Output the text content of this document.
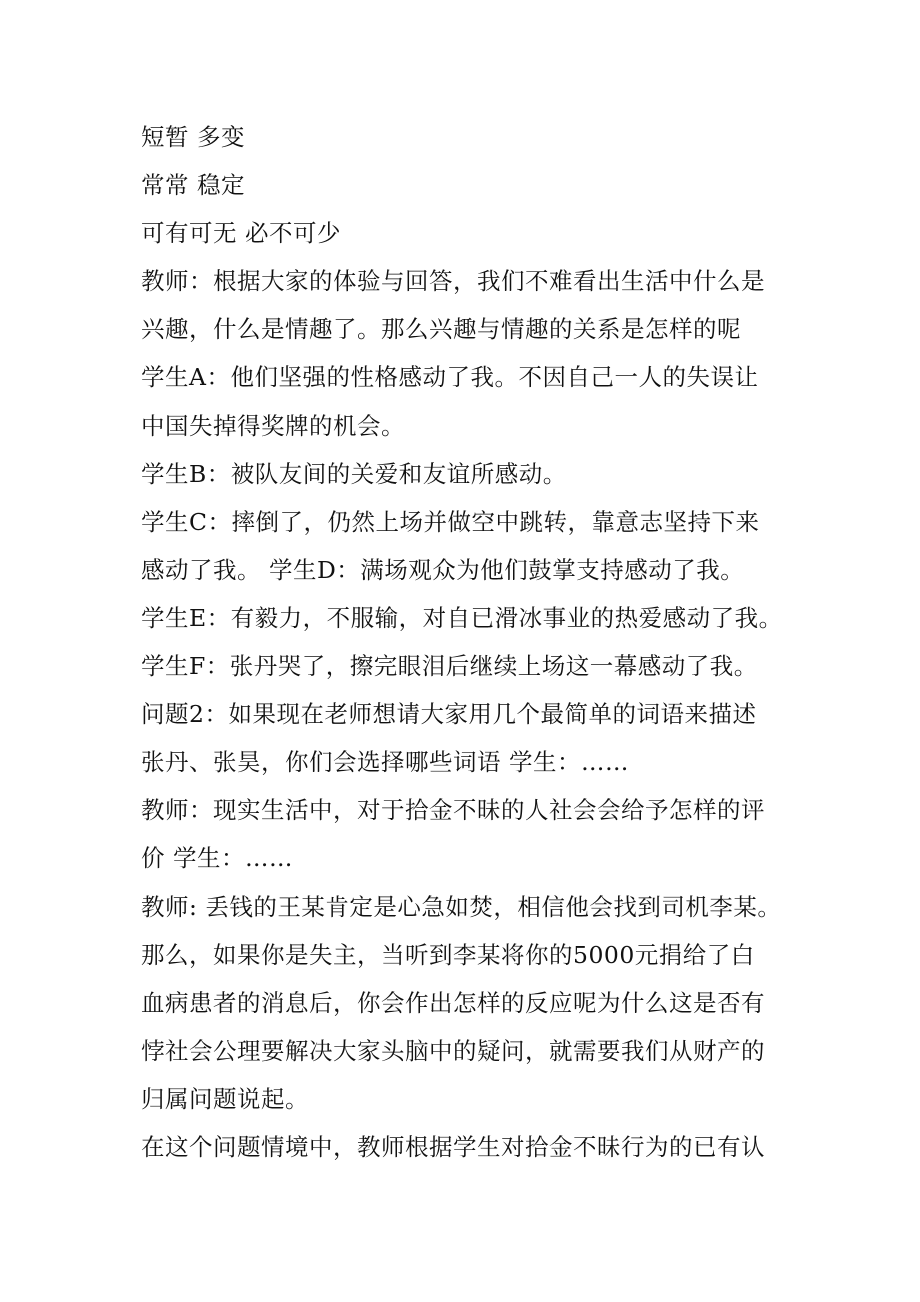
短暂 多变
常常 稳定
可有可无 必不可少
教师：根据大家的体验与回答，我们不难看出生活中什么是
兴趣，什么是情趣了。那么兴趣与情趣的关系是怎样的呢
学生A：他们坚强的性格感动了我。不因自己一人的失误让
中国失掉得奖牌的机会。
学生B：被队友间的关爱和友谊所感动。
学生C：摔倒了，仍然上场并做空中跳转，靠意志坚持下来
感动了我。 学生D：满场观众为他们鼓掌支持感动了我。
学生E：有毅力，不服输，对自已滑冰事业的热爱感动了我。
学生F：张丹哭了，擦完眼泪后继续上场这一幕感动了我。
问题2：如果现在老师想请大家用几个最简单的词语来描述
张丹、张昊，你们会选择哪些词语 学生：……
教师：现实生活中，对于拾金不昧的人社会会给予怎样的评
价 学生：……
教师: 丢钱的王某肯定是心急如焚，相信他会找到司机李某。
那么，如果你是失主，当听到李某将你的5000元捐给了白
血病患者的消息后，你会作出怎样的反应呢为什么这是否有
悖社会公理要解决大家头脑中的疑问，就需要我们从财产的
归属问题说起。
在这个问题情境中，教师根据学生对拾金不昧行为的已有认
